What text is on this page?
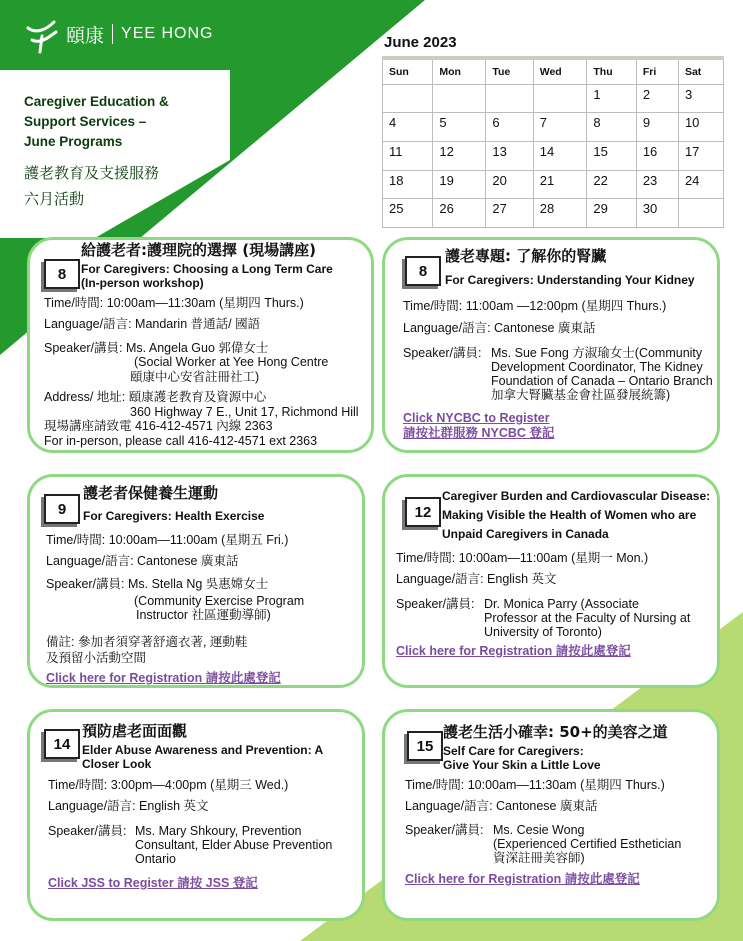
頤康 YEE HONG
Caregiver Education &
Support Services –
June Programs
護老教育及支援服務
六月活動
June 2023
Sun	Mon	Tue	Wed	Thu	Fri	Sat
				1	2	3
4	5	6	7	8	9	10
11	12	13	14	15	16	17
18	19	20	21	22	23	24
25	26	27	28	29	30	
8
給護老者:護理院的選擇 (現場講座)
For Caregivers: Choosing a Long Term Care
(In-person workshop)
Time/時間: 10:00am—11:30am (星期四 Thurs.)
Language/語言: Mandarin 普通話/ 國語
Speaker/講員: Ms. Angela Guo 郭偉女士
(Social Worker at Yee Hong Centre
頤康中心安省註冊社工)
Address/ 地址: 頤康護老教育及資源中心
360 Highway 7 E., Unit 17, Richmond Hill
現場講座請致電 416-412-4571 內線 2363
For in-person, please call 416-412-4571 ext 2363
8
護老專題: 了解你的腎臟
For Caregivers: Understanding Your Kidney
Time/時間: 11:00am —12:00pm (星期四 Thurs.)
Language/語言: Cantonese 廣東話
Speaker/講員: Ms. Sue Fong 方淑瑜女士(Community
Development Coordinator, The Kidney
Foundation of Canada – Ontario Branch
加拿大腎臟基金會社區發展統籌)
Click NYCBC to Register
請按社群服務 NYCBC 登記
9
護老者保健養生運動
For Caregivers: Health Exercise
Time/時間: 10:00am—11:00am (星期五 Fri.)
Language/語言: Cantonese 廣東話
Speaker/講員: Ms. Stella Ng 吳惠嫦女士
(Community Exercise Program
Instructor 社區運動導師)
備註: 參加者須穿著舒適衣著, 運動鞋
及預留小活動空間
Click here for Registration 請按此處登記
12
Caregiver Burden and Cardiovascular Disease:
Making Visible the Health of Women who are
Unpaid Caregivers in Canada
Time/時間: 10:00am—11:00am (星期一 Mon.)
Language/語言: English 英文
Speaker/講員: Dr. Monica Parry (Associate
Professor at the Faculty of Nursing at
University of Toronto)
Click here for Registration 請按此處登記
14
預防虐老面面觀
Elder Abuse Awareness and Prevention: A
Closer Look
Time/時間: 3:00pm—4:00pm (星期三 Wed.)
Language/語言: English 英文
Speaker/講員: Ms. Mary Shkoury, Prevention
Consultant, Elder Abuse Prevention
Ontario
Click JSS to Register 請按 JSS 登記
15
護老生活小確幸: 50+的美容之道
Self Care for Caregivers:
Give Your Skin a Little Love
Time/時間: 10:00am—11:30am (星期四 Thurs.)
Language/語言: Cantonese 廣東話
Speaker/講員: Ms. Cesie Wong
(Experienced Certified Esthetician
資深註冊美容師)
Click here for Registration 請按此處登記
